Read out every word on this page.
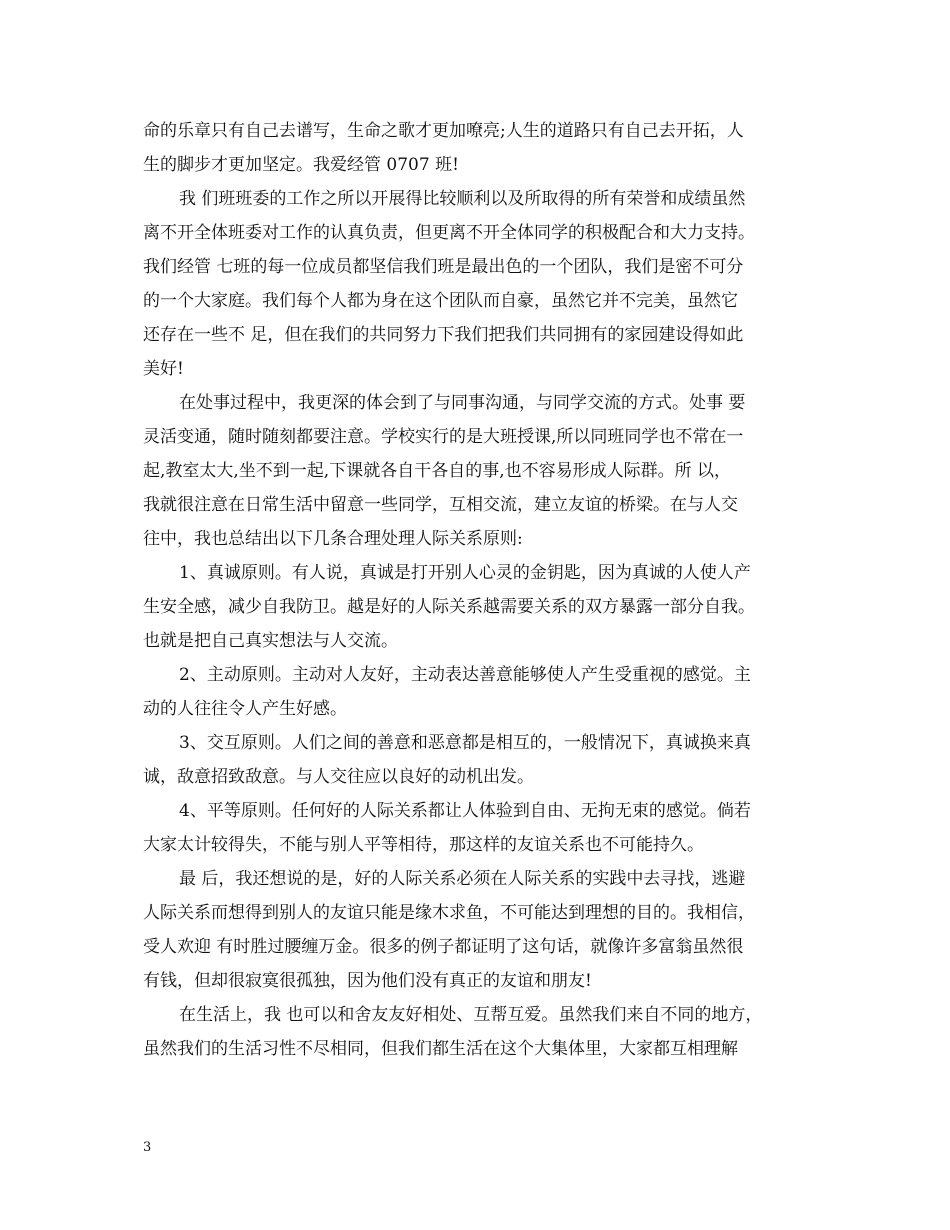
命的乐章只有自己去谱写，生命之歌才更加嘹亮;人生的道路只有自己去开拓，人
生的脚步才更加坚定。我爱经管 0707 班!
我 们班班委的工作之所以开展得比较顺利以及所取得的所有荣誉和成绩虽然
离不开全体班委对工作的认真负责，但更离不开全体同学的积极配合和大力支持。
我们经管 七班的每一位成员都坚信我们班是最出色的一个团队，我们是密不可分
的一个大家庭。我们每个人都为身在这个团队而自豪，虽然它并不完美，虽然它
还存在一些不 足，但在我们的共同努力下我们把我们共同拥有的家园建设得如此
美好!
在处事过程中，我更深的体会到了与同事沟通，与同学交流的方式。处事 要
灵活变通，随时随刻都要注意。学校实行的是大班授课,所以同班同学也不常在一
起,教室太大,坐不到一起,下课就各自干各自的事,也不容易形成人际群。所 以，
我就很注意在日常生活中留意一些同学，互相交流，建立友谊的桥梁。在与人交
往中，我也总结出以下几条合理处理人际关系原则:
1、真诚原则。有人说，真诚是打开别人心灵的金钥匙，因为真诚的人使人产
生安全感，减少自我防卫。越是好的人际关系越需要关系的双方暴露一部分自我。
也就是把自己真实想法与人交流。
2、主动原则。主动对人友好，主动表达善意能够使人产生受重视的感觉。主
动的人往往令人产生好感。
3、交互原则。人们之间的善意和恶意都是相互的，一般情况下，真诚换来真
诚，敌意招致敌意。与人交往应以良好的动机出发。
4、平等原则。任何好的人际关系都让人体验到自由、无拘无束的感觉。倘若
大家太计较得失，不能与别人平等相待，那这样的友谊关系也不可能持久。
最 后，我还想说的是，好的人际关系必须在人际关系的实践中去寻找，逃避
人际关系而想得到别人的友谊只能是缘木求鱼，不可能达到理想的目的。我相信，
受人欢迎 有时胜过腰缠万金。很多的例子都证明了这句话，就像许多富翁虽然很
有钱，但却很寂寞很孤独，因为他们没有真正的友谊和朋友!
在生活上，我 也可以和舍友友好相处、互帮互爱。虽然我们来自不同的地方，
虽然我们的生活习性不尽相同，但我们都生活在这个大集体里，大家都互相理解
3
